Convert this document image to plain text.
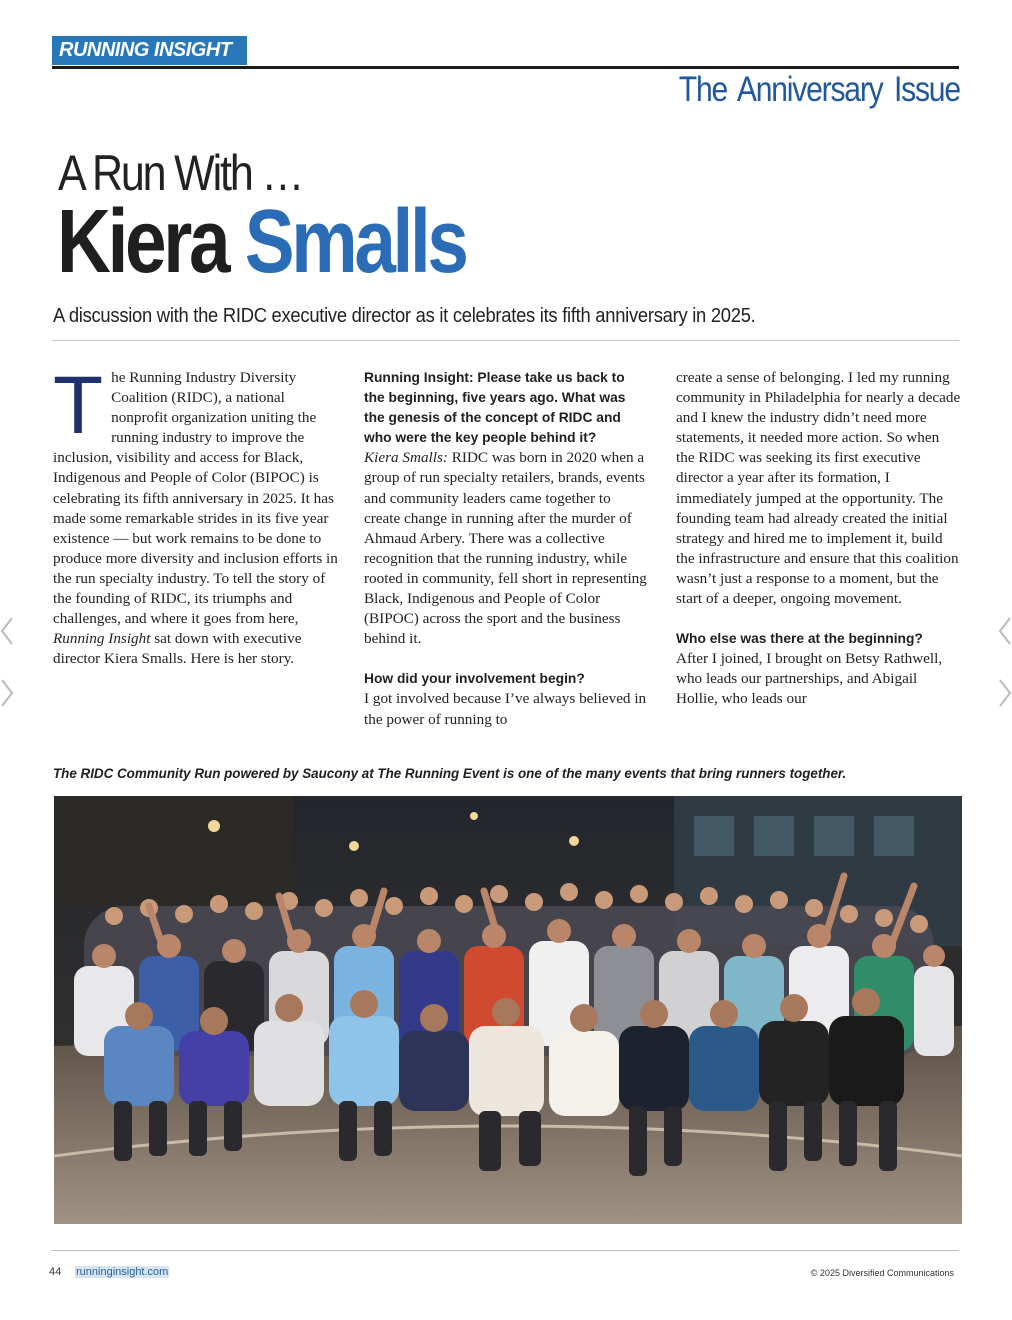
RUNNING INSIGHT
The Anniversary Issue
A Run With …
Kiera Smalls
A discussion with the RIDC executive director as it celebrates its fifth anniversary in 2025.

The Running Industry Diversity Coalition (RIDC), a national nonprofit organization uniting the running industry to improve the inclusion, visibility and access for Black, Indigenous and People of Color (BIPOC) is celebrating its fifth anniversary in 2025. It has made some remarkable strides in its five year existence — but work remains to be done to produce more diversity and inclusion efforts in the run specialty industry. To tell the story of the founding of RIDC, its triumphs and challenges, and where it goes from here, Running Insight sat down with executive director Kiera Smalls. Here is her story.

Running Insight: Please take us back to the beginning, five years ago. What was the genesis of the concept of RIDC and who were the key people behind it?

Kiera Smalls: RIDC was born in 2020 when a group of run specialty retailers, brands, events and community leaders came together to create change in running after the murder of Ahmaud Arbery. There was a collective recognition that the running industry, while rooted in community, fell short in representing Black, Indigenous and People of Color (BIPOC) across the sport and the business behind it.

How did your involvement begin?

I got involved because I’ve always believed in the power of running to

create a sense of belonging. I led my running community in Philadelphia for nearly a decade and I knew the industry didn’t need more statements, it needed more action. So when the RIDC was seeking its first executive director a year after its formation, I immediately jumped at the opportunity. The founding team had already created the initial strategy and hired me to implement it, build the infrastructure and ensure that this coalition wasn’t just a response to a moment, but the start of a deeper, ongoing movement.

Who else was there at the beginning?

After I joined, I brought on Betsy Rathwell, who leads our partnerships, and Abigail Hollie, who leads our

The RIDC Community Run powered by Saucony at The Running Event is one of the many events that bring runners together.
44 runninginsight.com	© 2025 Diversified Communications
